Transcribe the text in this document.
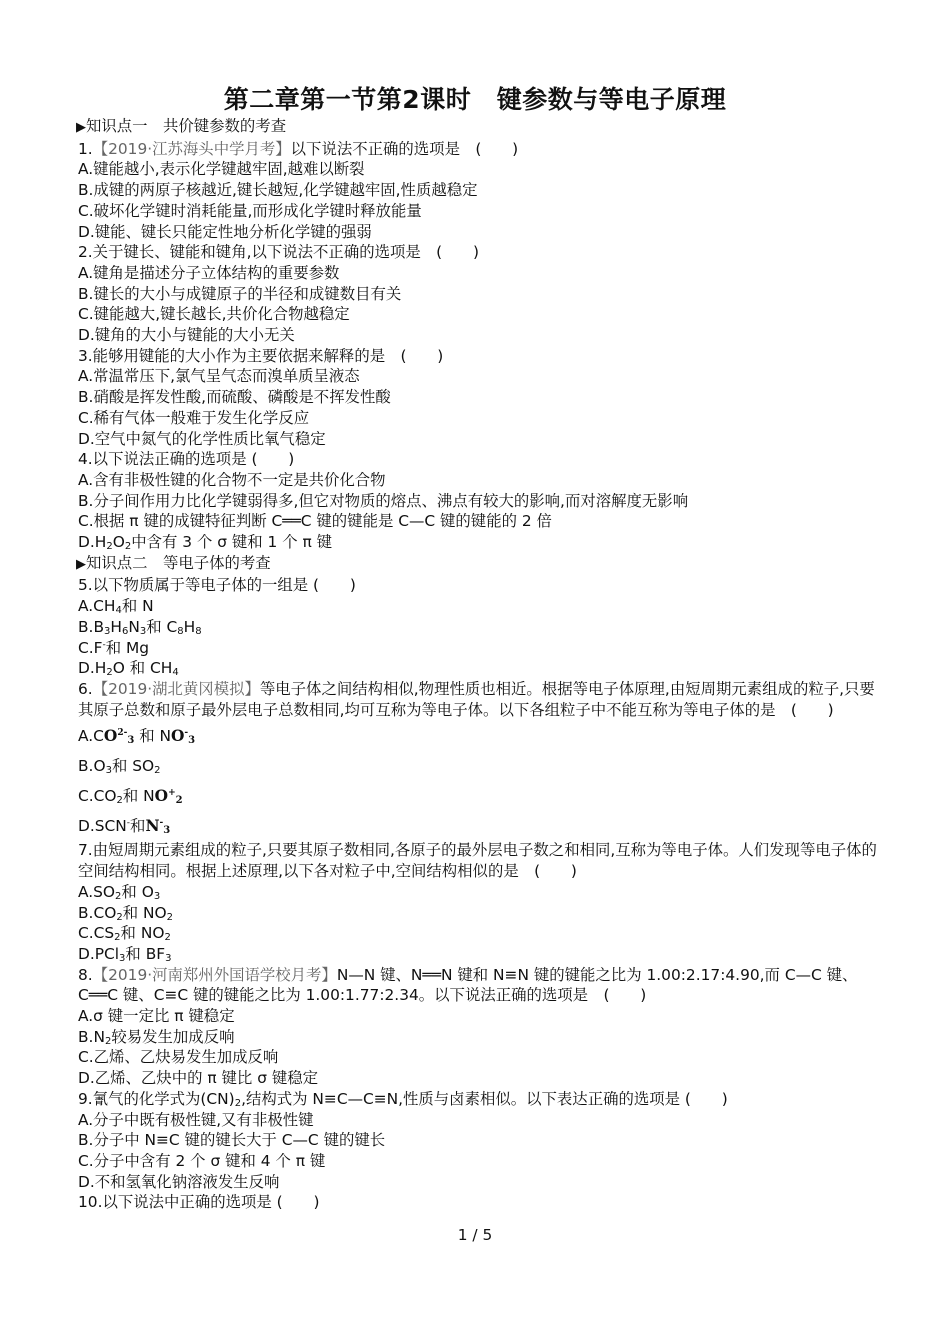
第二章第一节第2课时　键参数与等电子原理
▶知识点一　共价键参数的考查
1.【2019·江苏海头中学月考】以下说法不正确的选项是　(　　)
A.键能越小,表示化学键越牢固,越难以断裂
B.成键的两原子核越近,键长越短,化学键越牢固,性质越稳定
C.破坏化学键时消耗能量,而形成化学键时释放能量
D.键能、键长只能定性地分析化学键的强弱
2.关于键长、键能和键角,以下说法不正确的选项是　(　　)
A.键角是描述分子立体结构的重要参数
B.键长的大小与成键原子的半径和成键数目有关
C.键能越大,键长越长,共价化合物越稳定
D.键角的大小与键能的大小无关
3.能够用键能的大小作为主要依据来解释的是　(　　)
A.常温常压下,氯气呈气态而溴单质呈液态
B.硝酸是挥发性酸,而硫酸、磷酸是不挥发性酸
C.稀有气体一般难于发生化学反应
D.空气中氮气的化学性质比氧气稳定
4.以下说法正确的选项是 (　　)
A.含有非极性键的化合物不一定是共价化合物
B.分子间作用力比化学键弱得多,但它对物质的熔点、沸点有较大的影响,而对溶解度无影响
C.根据 π 键的成键特征判断 C══C 键的键能是 C—C 键的键能的 2 倍
$D.H_2O_2$中含有 3 个 σ 键和 1 个 π 键
▶知识点二　等电子体的考查
5.以下物质属于等电子体的一组是 (　　)
$A.CH_4$和 N
$B.B_3H_6N_3$和 $C_8H_8$
C.F-和 Mg
$D.H_2O$ 和 $CH_4$
6.【2019·湖北黄冈模拟】等电子体之间结构相似,物理性质也相近。根据等电子体原理,由短周期元素组成的粒子,只要其原子总数和原子最外层电子总数相同,均可互称为等电子体。以下各组粒子中不能互称为等电子体的是　(　　)
$A.CO^{2-}_3$ 和 $NO^-_3$
$B.O_3$和 $SO_2$
$C.CO_2$和 $NO^+_2$
D.SCN-和$N^-_3$
7.由短周期元素组成的粒子,只要其原子数相同,各原子的最外层电子数之和相同,互称为等电子体。人们发现等电子体的空间结构相同。根据上述原理,以下各对粒子中,空间结构相似的是　(　　)
$A.SO_2$和 $O_3$
$B.CO_2$和 $NO_2$
$C.CS_2$和 $NO_2$
D.PCl$_3$和 $BF_3$
8.【2019·河南郑州外国语学校月考】N—N 键、N══N 键和 N≡N 键的键能之比为 1.00:2.17:4.90,而 C—C 键、C══C 键、C≡C 键的键能之比为 1.00:1.77:2.34。以下说法正确的选项是　(　　)
A.σ 键一定比 π 键稳定
$B.N_2$较易发生加成反响
C.乙烯、乙炔易发生加成反响
D.乙烯、乙炔中的 π 键比 σ 键稳定
9.氰气的化学式为$(CN)_2$,结构式为 N≡C—C≡N,性质与卤素相似。以下表达正确的选项是 (　　)
A.分子中既有极性键,又有非极性键
B.分子中 N≡C 键的键长大于 C—C 键的键长
C.分子中含有 2 个 σ 键和 4 个 π 键
D.不和氢氧化钠溶液发生反响
10.以下说法中正确的选项是 (　　)
1 / 5
